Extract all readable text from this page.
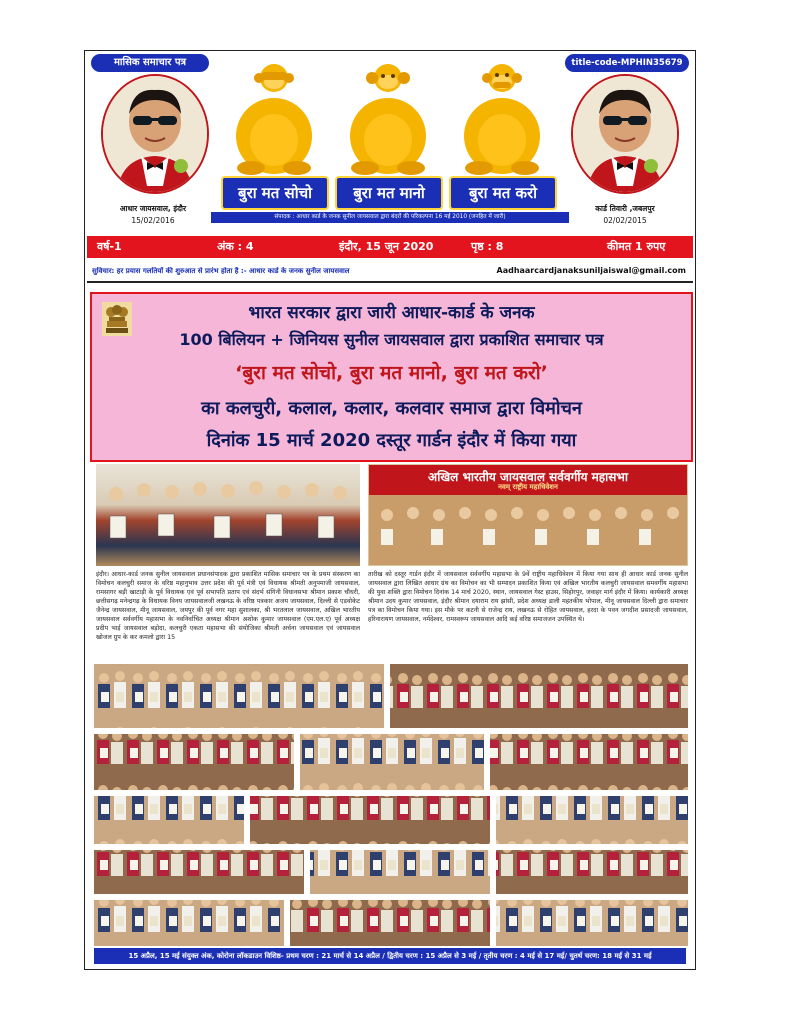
मासिक समाचार पत्र	title-code-MPHIN35679
आधार जायसवाल, इंदौर
15/02/2016
कार्ड तिवारी ,जबलपुर
02/02/2015
बुरा मत सोचो	बुरा मत मानो	बुरा मत करो
संपादक : आधार कार्ड के जनक सुनील जायसवाल द्वारा बंदरों की परिकल्पना 16 मई 2010 (जनहित में जारी)
वर्ष-1	अंक : 4	इंदौर, 15 जून 2020	पृष्ठ : 8	कीमत 1 रुपए
सुविचार: हर प्रयास गलतियों की शुरुआत से प्रारंभ होता है :- आधार कार्ड के जनक सुनील जायसवाल	Aadhaarcardjanaksuniljaiswal@gmail.com
भारत सरकार द्वारा जारी आधार-कार्ड के जनक
100 बिलियन + जिनियस सुनील जायसवाल द्वारा प्रकाशित समाचार पत्र
‘बुरा मत सोचो, बुरा मत मानो, बुरा मत करो’
का कलचुरी, कलाल, कलार, कलवार समाज द्वारा विमोचन
दिनांक 15 मार्च 2020 दस्तूर गार्डन इंदौर में किया गया
अखिल भारतीय जायसवाल सर्ववर्गीय महासभा
नवम् राष्ट्रीय महाधिवेशन
इंदौर। आधार-कार्ड जनक सुनील जायसवाल प्रधानसंपादक द्वारा प्रकाशित मासिक समाचार पत्र के प्रथम संस्करण का विमोचन कलचुरी समाज के वरिष्ठ महानुभाव उत्तर प्रदेश की पूर्व मंत्री एवं विधायक श्रीमती अनुपमाजी जायसवाल, रामसागर बड़ी खाटाड़ी के पूर्व विधायक एवं पूर्व सभापति प्रताप एवं संदर्भ संगिनी विधानसभा श्रीमान प्रकाश चौधरी, छत्तीसगढ़ मनेन्द्रगढ़ के विधायक विनय जायसवालजी लखनऊ के वरिष्ठ पत्रकार अजय जायसवाल, दिल्ली से एडवोकेट जैनेन्द्र जायसवाल, मीनू जायसवाल, जयपुर की पूर्व नगर महा सुशालका, श्री भरतलाल जायसवाल, अखिल भारतीय जायसवाल सर्ववर्गीय महासभा के नवनिर्वाचित अध्यक्ष श्रीमान अशोक कुमार जायसवाल (एम.एल.ए) पूर्व अध्यक्ष प्रदीप भाई जायसवाल बड़ोदा, कलचुरी एकता महासभा की संयोजिका श्रीमती अर्चना जायसवाल एवं जायसवाल खोजल ग्रुप के कर कमलो द्वारा 15
तारीख को दस्तूर गार्डन इंदौर में जायसवाल सर्ववर्गीय महासभा के 9वें राष्ट्रीय महाधिवेशन में किया गया साथ ही आधार कार्ड जनक सुनील जायसवाल द्वारा लिखित आधार ग्रंथ का विमोचन का भी सम्पादन प्रकाशित किया एवं अखिल भारतीय कलचुरी जायसवाल समवर्गीय महासभा की युवा शक्ति द्वारा विमोचन दिनांक 14 मार्च 2020, स्थान, जायसवाल गेस्ट हाउस, सिहोरपुर, जवाहर मार्ग इंदौर में किया। कार्यकारी अध्यक्ष श्रीमान उदय कुमार जायसवाल, इंदौर श्रीमान दयाराम राय झांसी, प्रदेश अध्यक्ष डाली महतकीय भोपाल, मीनू जायसवाल दिल्ली द्वारा समाचार पत्र का विमोचन किया गया। इस मौके पर कटनी से राजेन्द्र राय, लखनऊ से रोहित जायसवाल, हरदा के पवन जगदीश प्रसादजी जायसवाल, हरिनारायण जायसवाल, नर्मदेश्वर, रामस्वरूप जायसवाल आदि कई वरिष्ठ समाजजन उपस्थित थे।
15 अप्रैल, 15 मई संयुक्त अंक, कोरोना लॉकडाउन विशिष्ठ- प्रथम चरण : 21 मार्च से 14 अप्रैल / द्वितीय चरण : 15 अप्रैल से 3 मई / तृतीय चरण : 4 मई से 17 मई/ चुतर्थ चरण: 18 मई से 31 मई
